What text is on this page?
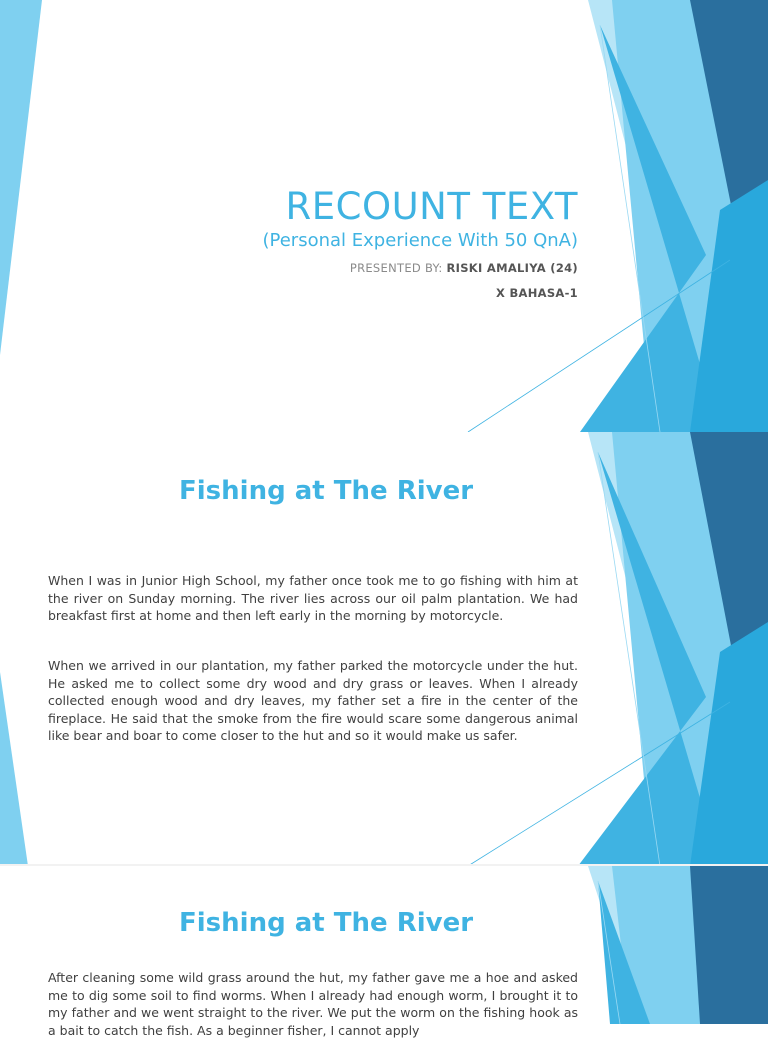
RECOUNT TEXT
(Personal Experience With 50 QnA)
PRESENTED BY: RISKI AMALIYA (24)
X BAHASA-1
Fishing at The River
When I was in Junior High School, my father once took me to go fishing with him at the river on Sunday morning. The river lies across our oil palm plantation. We had breakfast first at home and then left early in the morning by motorcycle.
When we arrived in our plantation, my father parked the motorcycle under the hut. He asked me to collect some dry wood and dry grass or leaves. When I already collected enough wood and dry leaves, my father set a fire in the center of the fireplace. He said that the smoke from the fire would scare some dangerous animal like bear and boar to come closer to the hut and so it would make us safer.
Fishing at The River
After cleaning some wild grass around the hut, my father gave me a hoe and asked me to dig some soil to find worms. When I already had enough worm, I brought it to my father and we went straight to the river. We put the worm on the fishing hook as a bait to catch the fish. As a beginner fisher, I cannot apply
